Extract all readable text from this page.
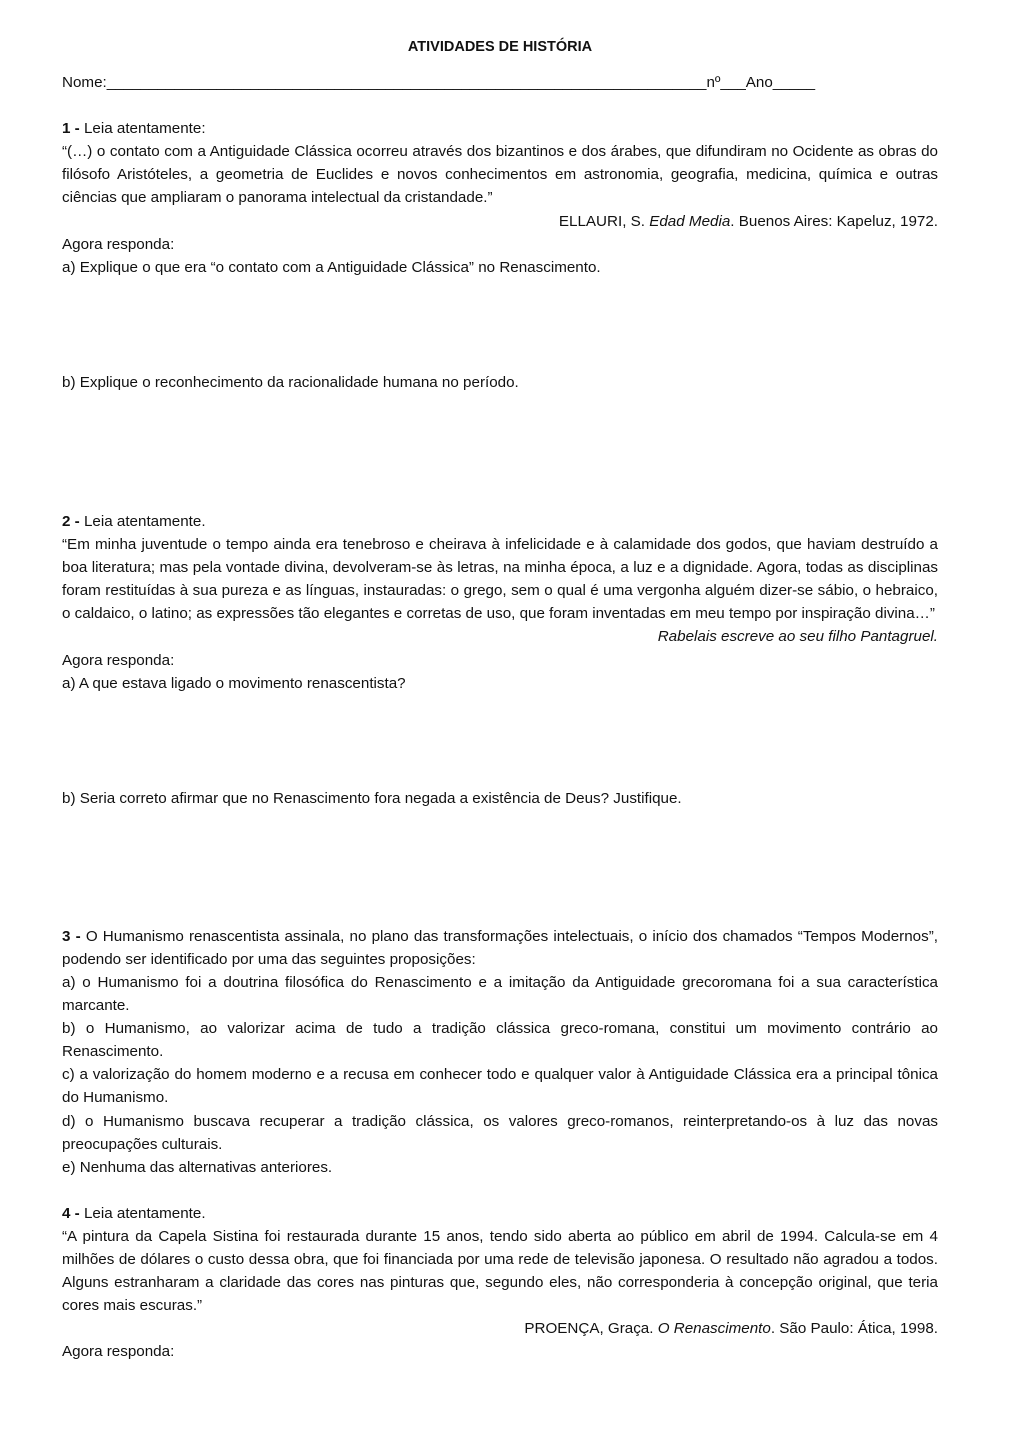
ATIVIDADES DE HISTÓRIA
Nome:_______________________________________________________________________nº___Ano_____
1 - Leia atentamente:
“(…) o contato com a Antiguidade Clássica ocorreu através dos bizantinos e dos árabes, que difundiram no Ocidente as obras do filósofo Aristóteles, a geometria de Euclides e novos conhecimentos em astronomia, geografia, medicina, química e outras ciências que ampliaram o panorama intelectual da cristandade.”
ELLAURI, S. Edad Media. Buenos Aires: Kapeluz, 1972.
Agora responda:
a) Explique o que era “o contato com a Antiguidade Clássica” no Renascimento.
b) Explique o reconhecimento da racionalidade humana no período.
2 - Leia atentamente.
“Em minha juventude o tempo ainda era tenebroso e cheirava à infelicidade e à calamidade dos godos, que haviam destruído a boa literatura; mas pela vontade divina, devolveram-se às letras, na minha época, a luz e a dignidade. Agora, todas as disciplinas foram restituídas à sua pureza e as línguas, instauradas: o grego, sem o qual é uma vergonha alguém dizer-se sábio, o hebraico, o caldaico, o latino; as expressões tão elegantes e corretas de uso, que foram inventadas em meu tempo por inspiração divina…”
Rabelais escreve ao seu filho Pantagruel.
Agora responda:
a) A que estava ligado o movimento renascentista?
b) Seria correto afirmar que no Renascimento fora negada a existência de Deus? Justifique.
3 - O Humanismo renascentista assinala, no plano das transformações intelectuais, o início dos chamados “Tempos Modernos”, podendo ser identificado por uma das seguintes proposições:
a) o Humanismo foi a doutrina filosófica do Renascimento e a imitação da Antiguidade grecoromana foi a sua característica marcante.
b) o Humanismo, ao valorizar acima de tudo a tradição clássica greco-romana, constitui um movimento contrário ao Renascimento.
c) a valorização do homem moderno e a recusa em conhecer todo e qualquer valor à Antiguidade Clássica era a principal tônica do Humanismo.
d) o Humanismo buscava recuperar a tradição clássica, os valores greco-romanos, reinterpretando-os à luz das novas preocupações culturais.
e) Nenhuma das alternativas anteriores.
4 - Leia atentamente.
“A pintura da Capela Sistina foi restaurada durante 15 anos, tendo sido aberta ao público em abril de 1994. Calcula-se em 4 milhões de dólares o custo dessa obra, que foi financiada por uma rede de televisão japonesa. O resultado não agradou a todos. Alguns estranharam a claridade das cores nas pinturas que, segundo eles, não corresponderia à concepção original, que teria cores mais escuras.”
PROENÇA, Graça. O Renascimento. São Paulo: Ática, 1998.
Agora responda:
